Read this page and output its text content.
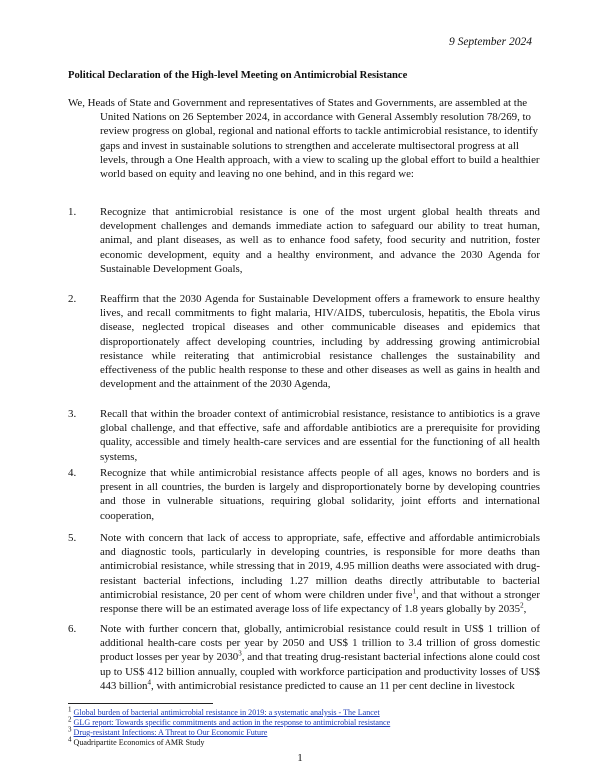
9 September 2024
Political Declaration of the High-level Meeting on Antimicrobial Resistance
We, Heads of State and Government and representatives of States and Governments, are assembled at the
United Nations on 26 September 2024, in accordance with General Assembly resolution 78/269, to review progress on global, regional and national efforts to tackle antimicrobial resistance, to identify gaps and invest in sustainable solutions to strengthen and accelerate multisectoral progress at all levels, through a One Health approach, with a view to scaling up the global effort to build a healthier world based on equity and leaving no one behind, and in this regard we:
1.	Recognize that antimicrobial resistance is one of the most urgent global health threats and development challenges and demands immediate action to safeguard our ability to treat human, animal, and plant diseases, as well as to enhance food safety, food security and nutrition, foster economic development, equity and a healthy environment, and advance the 2030 Agenda for Sustainable Development Goals,
2.	Reaffirm that the 2030 Agenda for Sustainable Development offers a framework to ensure healthy lives, and recall commitments to fight malaria, HIV/AIDS, tuberculosis, hepatitis, the Ebola virus disease, neglected tropical diseases and other communicable diseases and epidemics that disproportionately affect developing countries, including by addressing growing antimicrobial resistance while reiterating that antimicrobial resistance challenges the sustainability and effectiveness of the public health response to these and other diseases as well as gains in health and development and the attainment of the 2030 Agenda,
3.	Recall that within the broader context of antimicrobial resistance, resistance to antibiotics is a grave global challenge, and that effective, safe and affordable antibiotics are a prerequisite for providing quality, accessible and timely health-care services and are essential for the functioning of all health systems,
4.	Recognize that while antimicrobial resistance affects people of all ages, knows no borders and is present in all countries, the burden is largely and disproportionately borne by developing countries and those in vulnerable situations, requiring global solidarity, joint efforts and international cooperation,
5.	Note with concern that lack of access to appropriate, safe, effective and affordable antimicrobials and diagnostic tools, particularly in developing countries, is responsible for more deaths than antimicrobial resistance, while stressing that in 2019, 4.95 million deaths were associated with drug-resistant bacterial infections, including 1.27 million deaths directly attributable to bacterial antimicrobial resistance, 20 per cent of whom were children under five$^1$, and that without a stronger response there will be an estimated average loss of life expectancy of 1.8 years globally by 2035$^2$,
6.	Note with further concern that, globally, antimicrobial resistance could result in US$ 1 trillion of additional health-care costs per year by 2050 and US$ 1 trillion to 3.4 trillion of gross domestic product losses per year by 2030$^3$, and that treating drug-resistant bacterial infections alone could cost up to US$ 412 billion annually, coupled with workforce participation and productivity losses of US$ 443 billion$^4$, with antimicrobial resistance predicted to cause an 11 per cent decline in livestock
$^1$ Global burden of bacterial antimicrobial resistance in 2019: a systematic analysis - The Lancet
$^2$ GLG report: Towards specific commitments and action in the response to antimicrobial resistance
$^3$ Drug-resistant Infections: A Threat to Our Economic Future
$^4$ Quadripartite Economics of AMR Study
1
